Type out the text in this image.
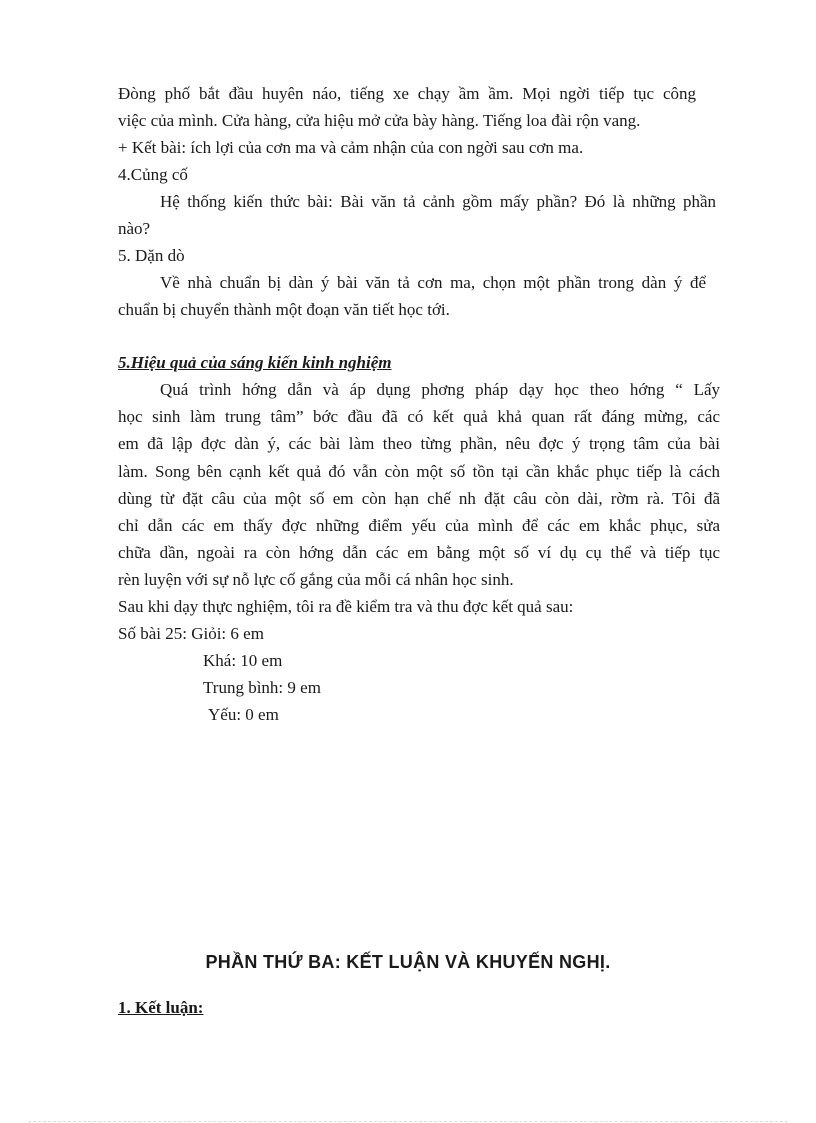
Đòng phố bắt đầu huyên náo, tiếng xe chạy ầm ầm. Mọi ngời tiếp tục công
việc của mình. Cửa hàng, cửa hiệu mở cửa bày hàng. Tiếng loa đài rộn vang.
+ Kết bài: ích lợi của cơn ma và cảm nhận của con ngời sau cơn ma.
4.Củng cố
Hệ thống kiến thức bài: Bài văn tả cảnh gồm mấy phần? Đó là những phần
nào?
5. Dặn dò
Về nhà chuẩn bị dàn ý bài văn tả cơn ma, chọn một phần trong dàn ý để
chuẩn bị chuyển thành một đoạn văn tiết học tới.
5.Hiệu quả của sáng kiến kinh nghiệm
Quá trình hớng dẫn và áp dụng phơng pháp dạy học theo hớng “ Lấy
học sinh làm trung tâm” bớc đầu đã có kết quả khả quan rất đáng mừng, các
em đã lập đợc dàn ý, các bài làm theo từng phần, nêu đợc ý trọng tâm của bài
làm. Song bên cạnh kết quả đó vẫn còn một số tồn tại cần khắc phục tiếp là cách
dùng từ đặt câu của một số em còn hạn chế nh đặt câu còn dài, rờm rà. Tôi đã
chỉ dẫn các em thấy đợc những điểm yếu của mình để các em khắc phục, sửa
chữa dần, ngoài ra còn hớng dẫn các em bằng một số ví dụ cụ thể và tiếp tục
rèn luyện với sự nỗ lực cố gắng của mỗi cá nhân học sinh.
Sau khi dạy thực nghiệm, tôi ra đề kiểm tra và thu đợc kết quả sau:
Số bài 25: Giỏi: 6 em
Khá: 10 em
Trung bình: 9 em
Yếu: 0 em
PHẦN THỨ BA: KẾT LUẬN VÀ KHUYẾN NGHỊ.
1. Kết luận:
